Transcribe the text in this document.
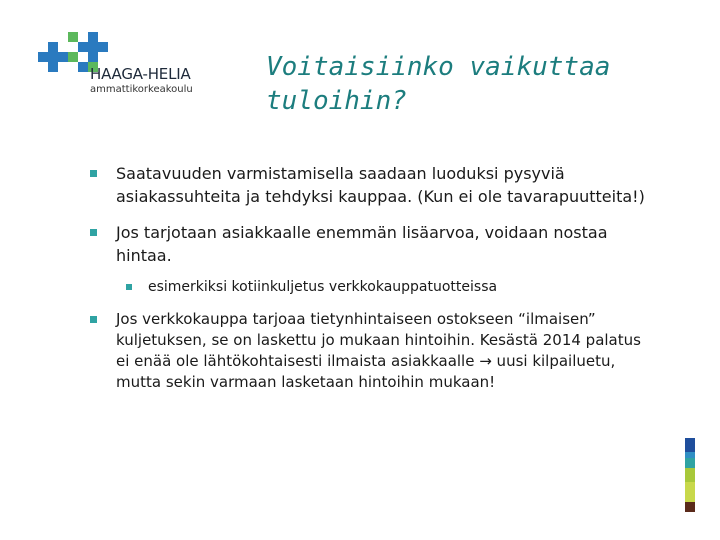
HAAGA-HELIA
ammattikorkeakoulu
Voitaisiinko vaikuttaa tuloihin?
Saatavuuden varmistamisella saadaan luoduksi pysyviä asiakassuhteita ja tehdyksi kauppaa. (Kun ei ole tavarapuutteita!)
Jos tarjotaan asiakkaalle enemmän lisäarvoa, voidaan nostaa hintaa.
esimerkiksi kotiinkuljetus verkkokauppatuotteissa
Jos verkkokauppa tarjoaa tietynhintaiseen ostokseen “ilmaisen” kuljetuksen, se on laskettu jo mukaan hintoihin. Kesästä 2014 palatus ei enää ole lähtökohtaisesti ilmaista asiakkaalle → uusi kilpailuetu, mutta sekin varmaan lasketaan hintoihin mukaan!
